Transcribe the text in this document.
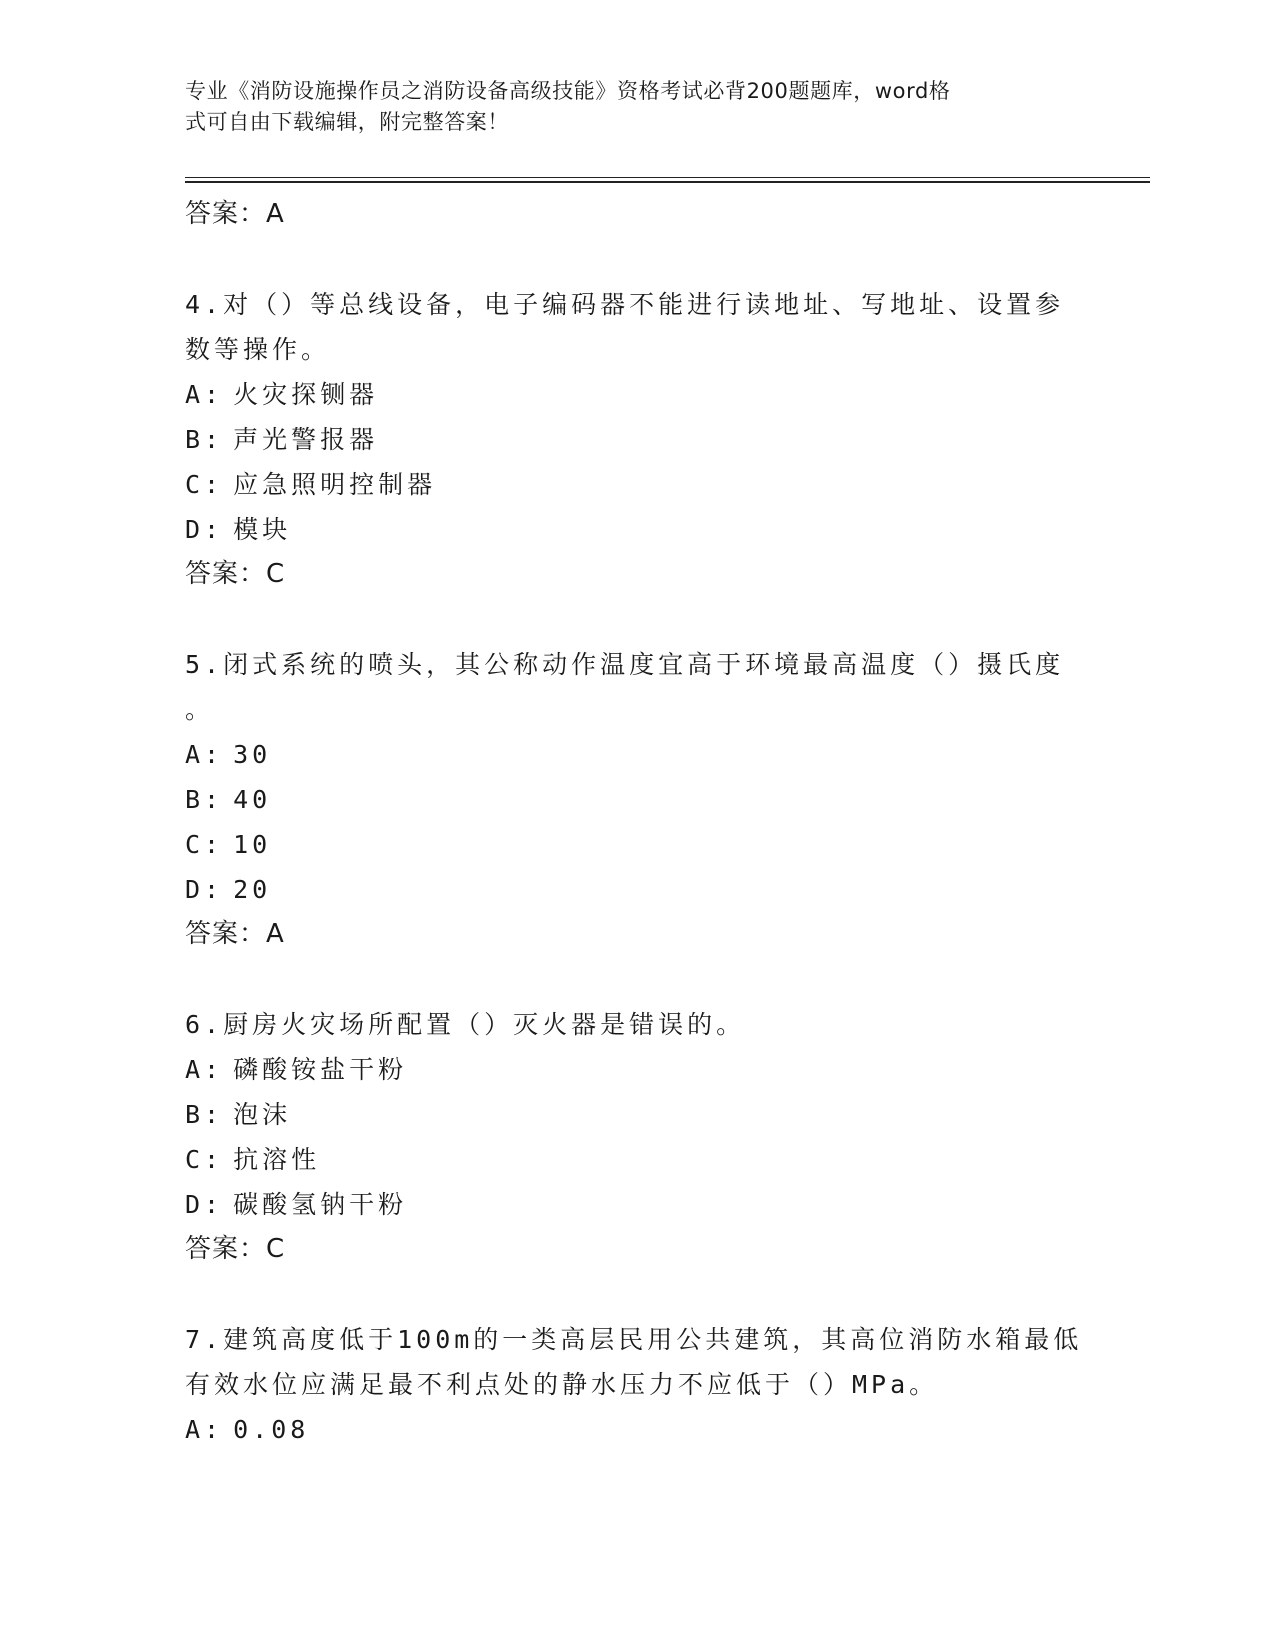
专业《消防设施操作员之消防设备高级技能》资格考试必背200题题库，word格
式可自由下载编辑，附完整答案！

答案：A

4.对（）等总线设备，电子编码器不能进行读地址、写地址、设置参

数等操作。

A: 火灾探铡器

B: 声光警报器

C: 应急照明控制器

D: 模块

答案：C

5.闭式系统的喷头，其公称动作温度宜高于环境最高温度（）摄氏度

。

A: 30

B: 40

C: 10

D: 20

答案：A

6.厨房火灾场所配置（）灭火器是错误的。

A: 磷酸铵盐干粉

B: 泡沫

C: 抗溶性

D: 碳酸氢钠干粉

答案：C

7.建筑高度低于100m的一类高层民用公共建筑，其高位消防水箱最低

有效水位应满足最不利点处的静水压力不应低于（）MPa。

A: 0.08
